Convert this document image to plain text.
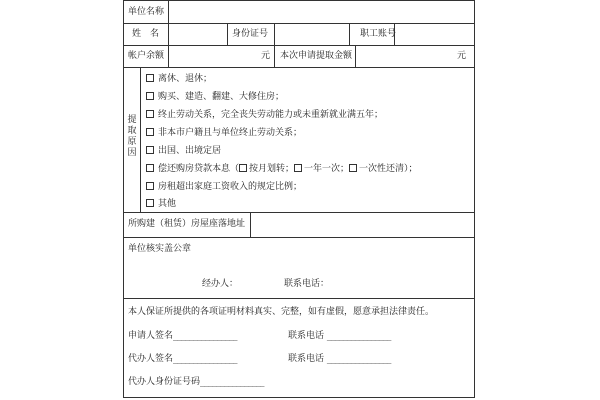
单位名称
姓　名	身份证号	职工账号
帐户余额	元 本次申请提取金额	元
提
取
原
因
离休、退休；
购买、建造、翻建、大修住房；
终止劳动关系，完全丧失劳动能力或未重新就业满五年；
非本市户籍且与单位终止劳动关系；
出国、出境定居
偿还购房贷款本息（ 按月划转； 一年一次； 一次性还清）；
房租超出家庭工资收入的规定比例；
其他
所购建（租赁）房屋座落地址
单位核实盖公章
经办人：	联系电话：
本人保证所提供的各项证明材料真实、完整，如有虚假，愿意承担法律责任。
申请人签名________________	联系电话 ________________
代办人签名________________	联系电话 ________________
代办人身份证号码________________
